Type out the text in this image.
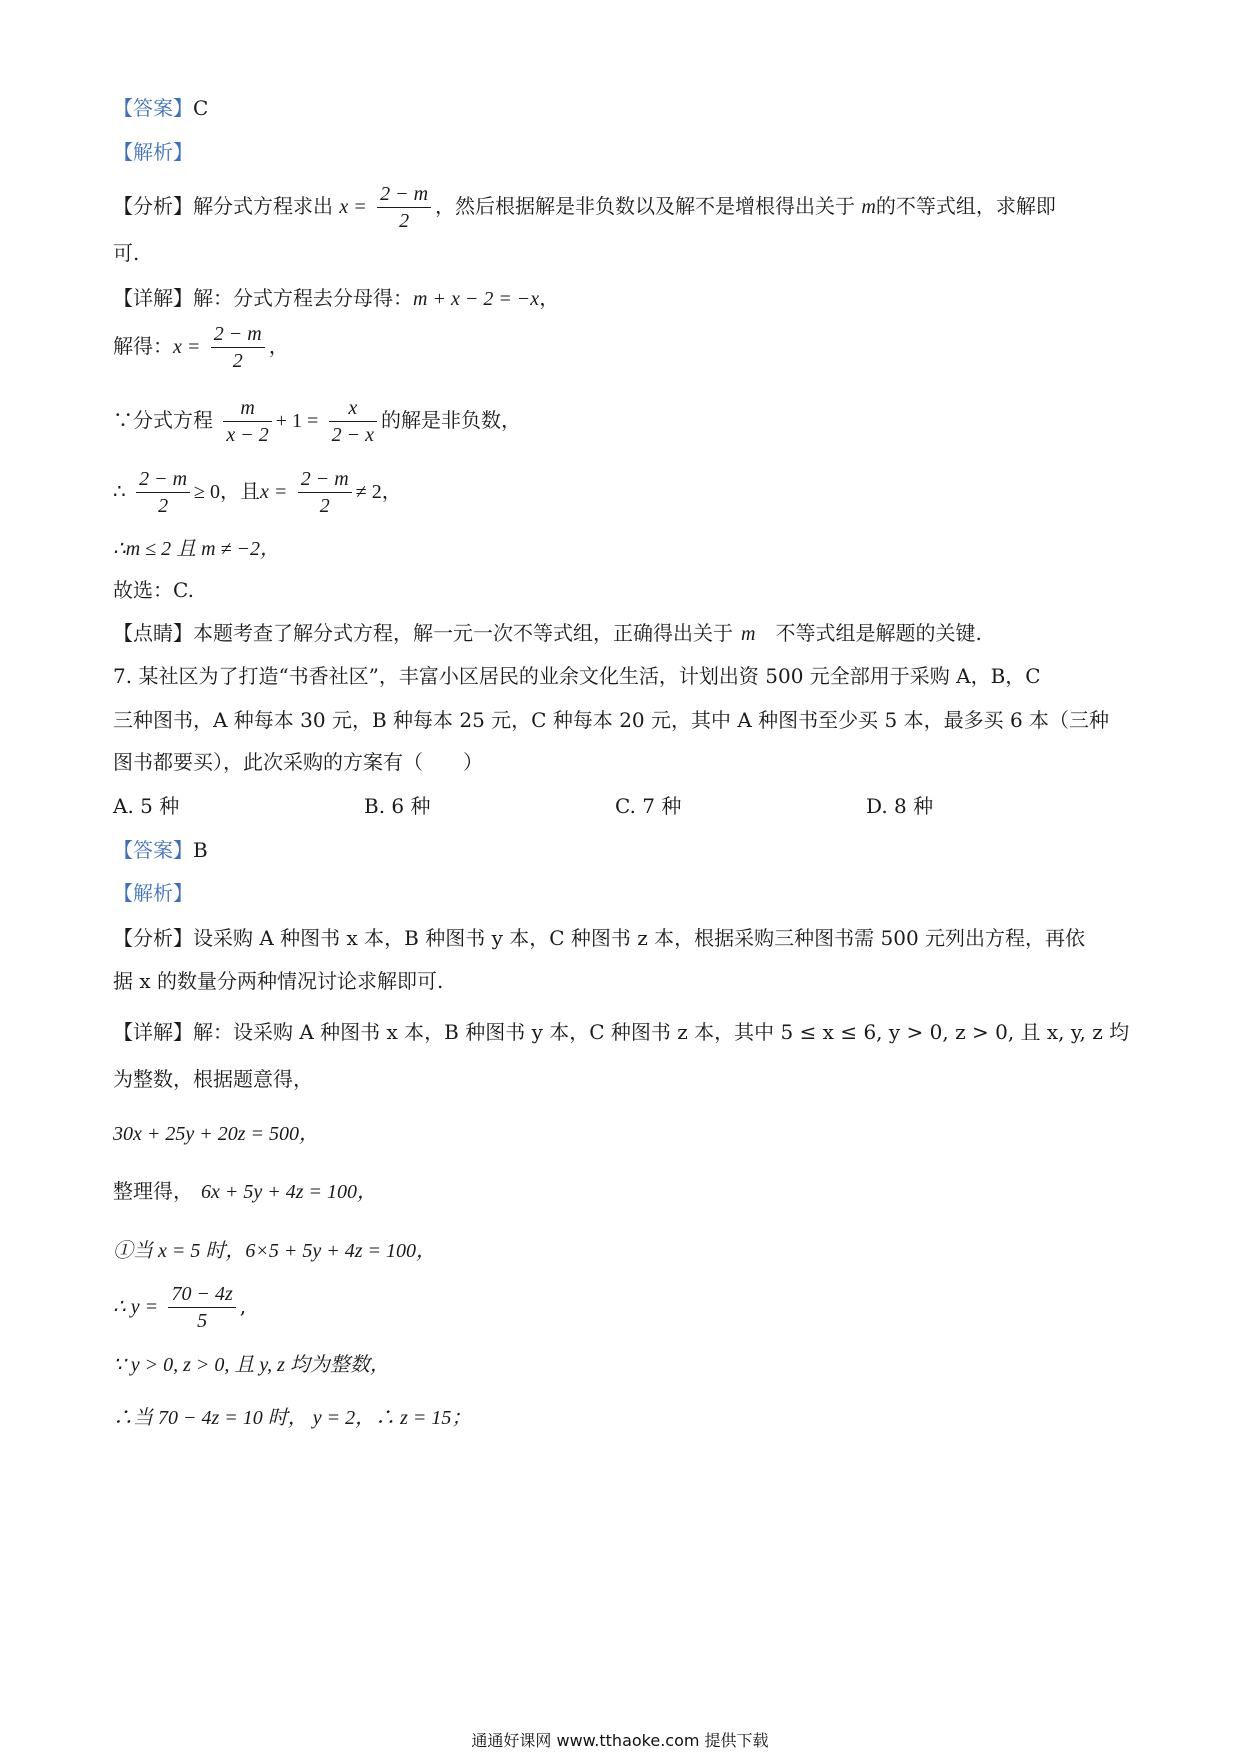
【答案】C
【解析】
【分析】解分式方程求出 $x = \frac{2 - m}{2}$ ，然后根据解是非负数以及解不是增根得出关于 m的不等式组，求解即
可.
【详解】解：分式方程去分母得：m + x − 2 = −x，
解得：$x = \frac{2 - m}{2}$ ，
∵分式方程 $\frac{m}{x - 2} + 1 = \frac{x}{2 - x}$ 的解是非负数，
∴ $\frac{2 - m}{2} \ge 0$，且$x = \frac{2 - m}{2} \ne 2$，
∴m ≤ 2 且 m ≠ −2，
故选：C.
【点睛】本题考查了解分式方程，解一元一次不等式组，正确得出关于 m 不等式组是解题的关键.
7. 某社区为了打造“书香社区”，丰富小区居民的业余文化生活，计划出资 500 元全部用于采购 A，B，C
三种图书，A 种每本 30 元，B 种每本 25 元，C 种每本 20 元，其中 A 种图书至少买 5 本，最多买 6 本（三种
图书都要买），此次采购的方案有（　　）
A. 5 种	B. 6 种	C. 7 种	D. 8 种
【答案】B
【解析】
【分析】设采购 A 种图书 x 本，B 种图书 y 本，C 种图书 z 本，根据采购三种图书需 500 元列出方程，再依
据 x 的数量分两种情况讨论求解即可.
【详解】解：设采购 A 种图书 x 本，B 种图书 y 本，C 种图书 z 本，其中 5 ≤ x ≤ 6, y > 0, z > 0, 且 x, y, z 均
为整数，根据题意得，
30x + 25y + 20z = 500，
整理得， 6x + 5y + 4z = 100，
①当 x = 5 时，6×5 + 5y + 4z = 100，
∴ $y = \frac{70 - 4z}{5}$ ,
∵ y > 0, z > 0, 且 y, z 均为整数，
∴当 70 − 4z = 10 时， y = 2，∴ z = 15；
通通好课网 www.tthaoke.com 提供下载
